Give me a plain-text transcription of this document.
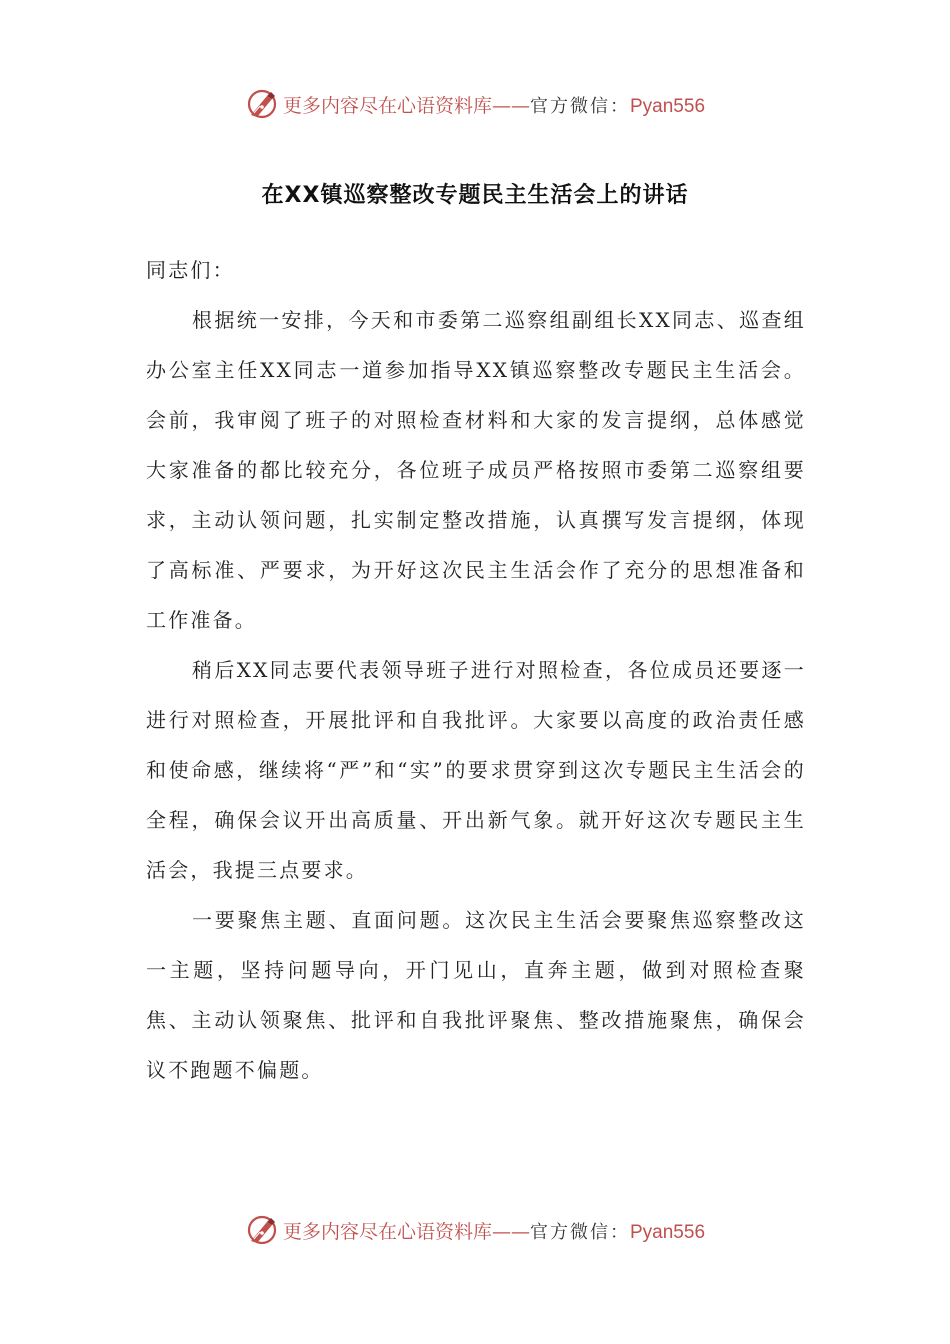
更多内容尽在心语资料库——官方微信：Pyan556
在XX镇巡察整改专题民主生活会上的讲话

同志们：

根据统一安排，今天和市委第二巡察组副组长XX同志、巡查组办公室主任XX同志一道参加指导XX镇巡察整改专题民主生活会。会前，我审阅了班子的对照检查材料和大家的发言提纲，总体感觉大家准备的都比较充分，各位班子成员严格按照市委第二巡察组要求，主动认领问题，扎实制定整改措施，认真撰写发言提纲，体现了高标准、严要求，为开好这次民主生活会作了充分的思想准备和工作准备。

稍后XX同志要代表领导班子进行对照检查，各位成员还要逐一进行对照检查，开展批评和自我批评。大家要以高度的政治责任感和使命感，继续将“严”和“实”的要求贯穿到这次专题民主生活会的全程，确保会议开出高质量、开出新气象。就开好这次专题民主生活会，我提三点要求。

一要聚焦主题、直面问题。这次民主生活会要聚焦巡察整改这一主题，坚持问题导向，开门见山，直奔主题，做到对照检查聚焦、主动认领聚焦、批评和自我批评聚焦、整改措施聚焦，确保会议不跑题不偏题。

更多内容尽在心语资料库——官方微信：Pyan556
